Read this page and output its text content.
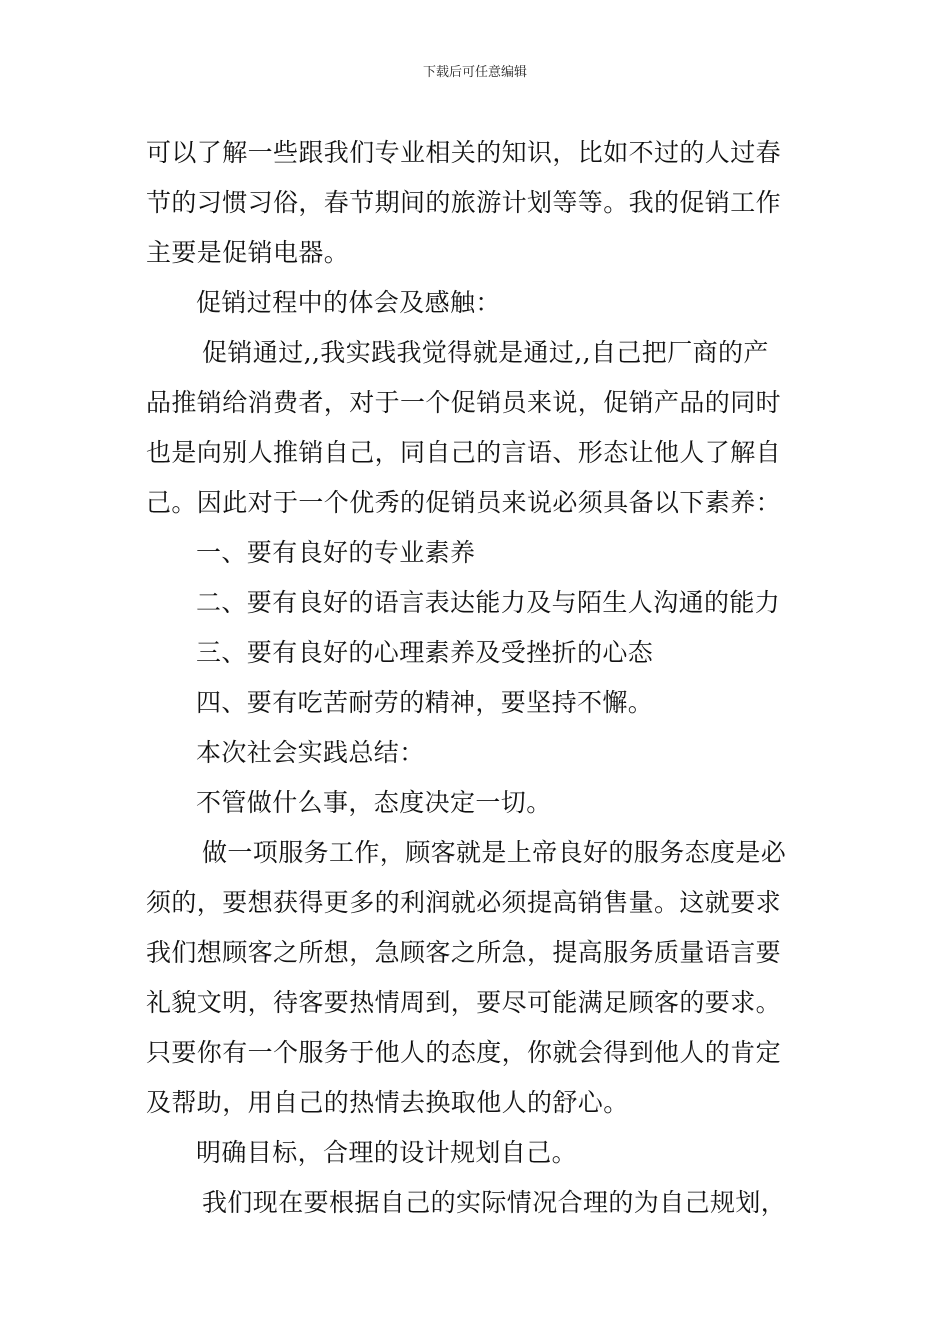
下载后可任意编辑
可以了解一些跟我们专业相关的知识，比如不过的人过春
节的习惯习俗，春节期间的旅游计划等等。我的促销工作
主要是促销电器。
促销过程中的体会及感触：
促销通过,,我实践我觉得就是通过,,自己把厂商的产
品推销给消费者，对于一个促销员来说，促销产品的同时
也是向别人推销自己，同自己的言语、形态让他人了解自
己。因此对于一个优秀的促销员来说必须具备以下素养：
一、要有良好的专业素养
二、要有良好的语言表达能力及与陌生人沟通的能力
三、要有良好的心理素养及受挫折的心态
四、要有吃苦耐劳的精神，要坚持不懈。
本次社会实践总结：
不管做什么事，态度决定一切。
做一项服务工作，顾客就是上帝良好的服务态度是必
须的，要想获得更多的利润就必须提高销售量。这就要求
我们想顾客之所想，急顾客之所急，提高服务质量语言要
礼貌文明，待客要热情周到，要尽可能满足顾客的要求。
只要你有一个服务于他人的态度，你就会得到他人的肯定
及帮助，用自己的热情去换取他人的舒心。
明确目标，合理的设计规划自己。
我们现在要根据自己的实际情况合理的为自己规划，
